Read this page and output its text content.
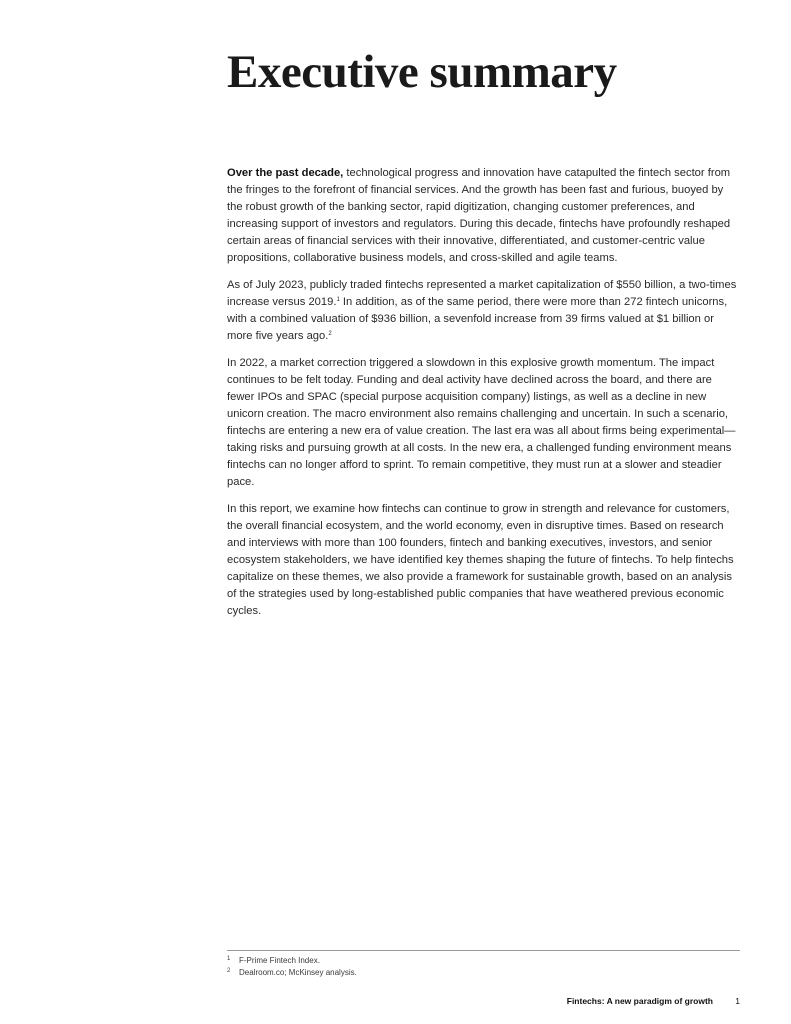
Executive summary

Over the past decade, technological progress and innovation have catapulted the fintech sector from the fringes to the forefront of financial services. And the growth has been fast and furious, buoyed by the robust growth of the banking sector, rapid digitization, changing customer preferences, and increasing support of investors and regulators. During this decade, fintechs have profoundly reshaped certain areas of financial services with their innovative, differentiated, and customer-centric value propositions, collaborative business models, and cross-skilled and agile teams.

As of July 2023, publicly traded fintechs represented a market capitalization of $550 billion, a two-times increase versus 2019.$^1$ In addition, as of the same period, there were more than 272 fintech unicorns, with a combined valuation of $936 billion, a sevenfold increase from 39 firms valued at $1 billion or more five years ago.$^2$

In 2022, a market correction triggered a slowdown in this explosive growth momentum. The impact continues to be felt today. Funding and deal activity have declined across the board, and there are fewer IPOs and SPAC (special purpose acquisition company) listings, as well as a decline in new unicorn creation. The macro environment also remains challenging and uncertain. In such a scenario, fintechs are entering a new era of value creation. The last era was all about firms being experimental—taking risks and pursuing growth at all costs. In the new era, a challenged funding environment means fintechs can no longer afford to sprint. To remain competitive, they must run at a slower and steadier pace.

In this report, we examine how fintechs can continue to grow in strength and relevance for customers, the overall financial ecosystem, and the world economy, even in disruptive times. Based on research and interviews with more than 100 founders, fintech and banking executives, investors, and senior ecosystem stakeholders, we have identified key themes shaping the future of fintechs. To help fintechs capitalize on these themes, we also provide a framework for sustainable growth, based on an analysis of the strategies used by long-established public companies that have weathered previous economic cycles.

1	F-Prime Fintech Index.
2	Dealroom.co; McKinsey analysis.
Fintechs: A new paradigm of growth	1
